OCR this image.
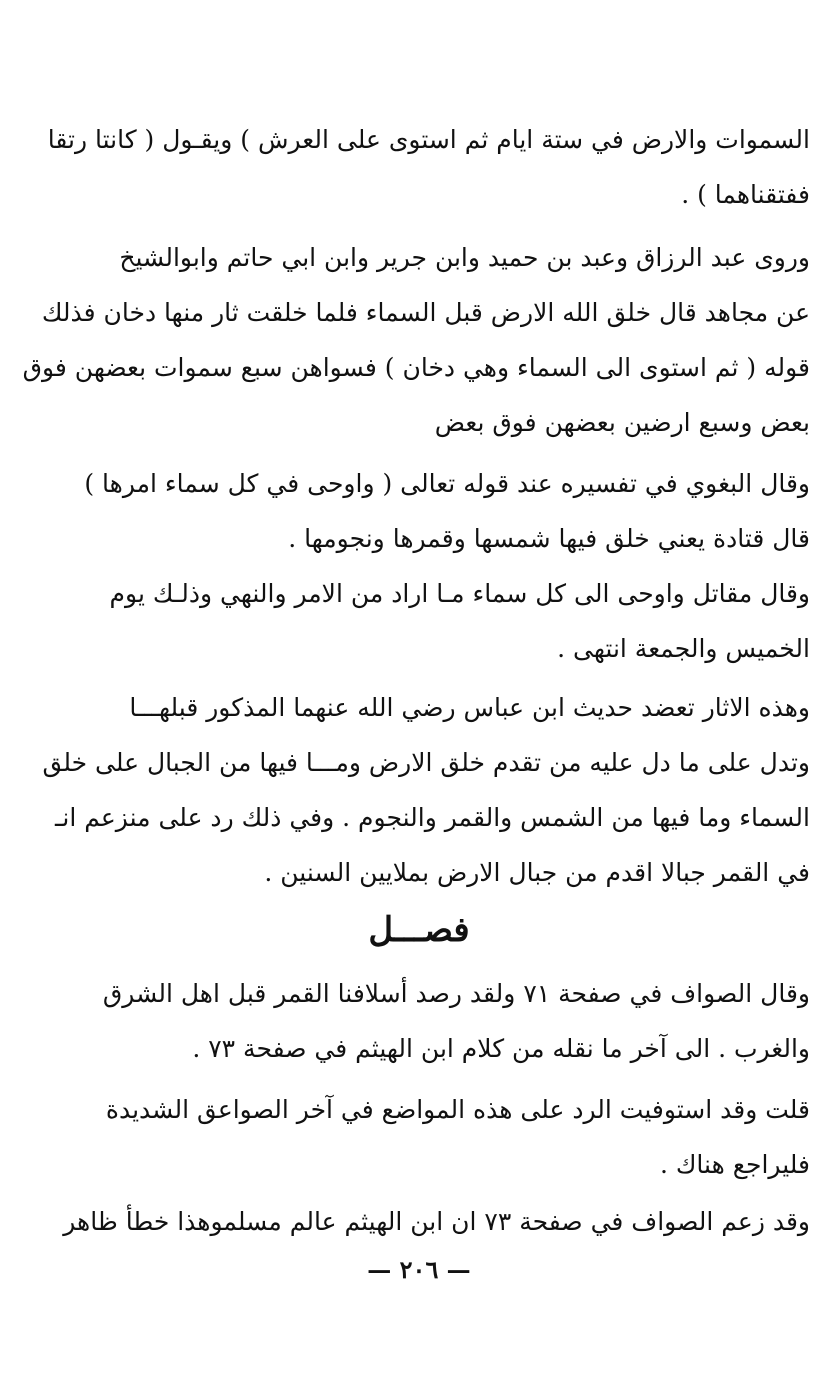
السموات والارض في ستة ايام ثم استوى على العرش ) ويقـول ( كانتا رتقا
ففتقناهما ) .
وروى عبد الرزاق وعبد بن حميد وابن جرير وابن ابي حاتم وابوالشيخ
عن مجاهد قال خلق الله الارض قبل السماء فلما خلقت ثار منها دخان فذلك
قوله ( ثم استوى الى السماء وهي دخان ) فسواهن سبع سموات بعضهن فوق
بعض وسبع ارضين بعضهن فوق بعض
وقال البغوي في تفسيره عند قوله تعالى ( واوحى في كل سماء امرها )
قال قتادة يعني خلق فيها شمسها وقمرها ونجومها .
وقال مقاتل واوحى الى كل سماء مـا اراد من الامر والنهي وذلـك يوم
الخميس والجمعة انتهى .
وهذه الاثار تعضد حديث ابن عباس رضي الله عنهما المذكور قبلهـــا
وتدل على ما دل عليه من تقدم خلق الارض ومـــا فيها من الجبال على خلق
السماء وما فيها من الشمس والقمر والنجوم . وفي ذلك رد على منزعم انـ
في القمر جبالا اقدم من جبال الارض بملايين السنين .
فصـــل
وقال الصواف في صفحة ٧١ ولقد رصد أسلافنا القمر قبل اهل الشرق
والغرب . الى آخر ما نقله من كلام ابن الهيثم في صفحة ٧٣ .
قلت وقد استوفيت الرد على هذه المواضع في آخر الصواعق الشديدة
فليراجع هناك .
وقد زعم الصواف في صفحة ٧٣ ان ابن الهيثم عالم مسلموهذا خطأ ظاهر
— ٢٠٦ —
